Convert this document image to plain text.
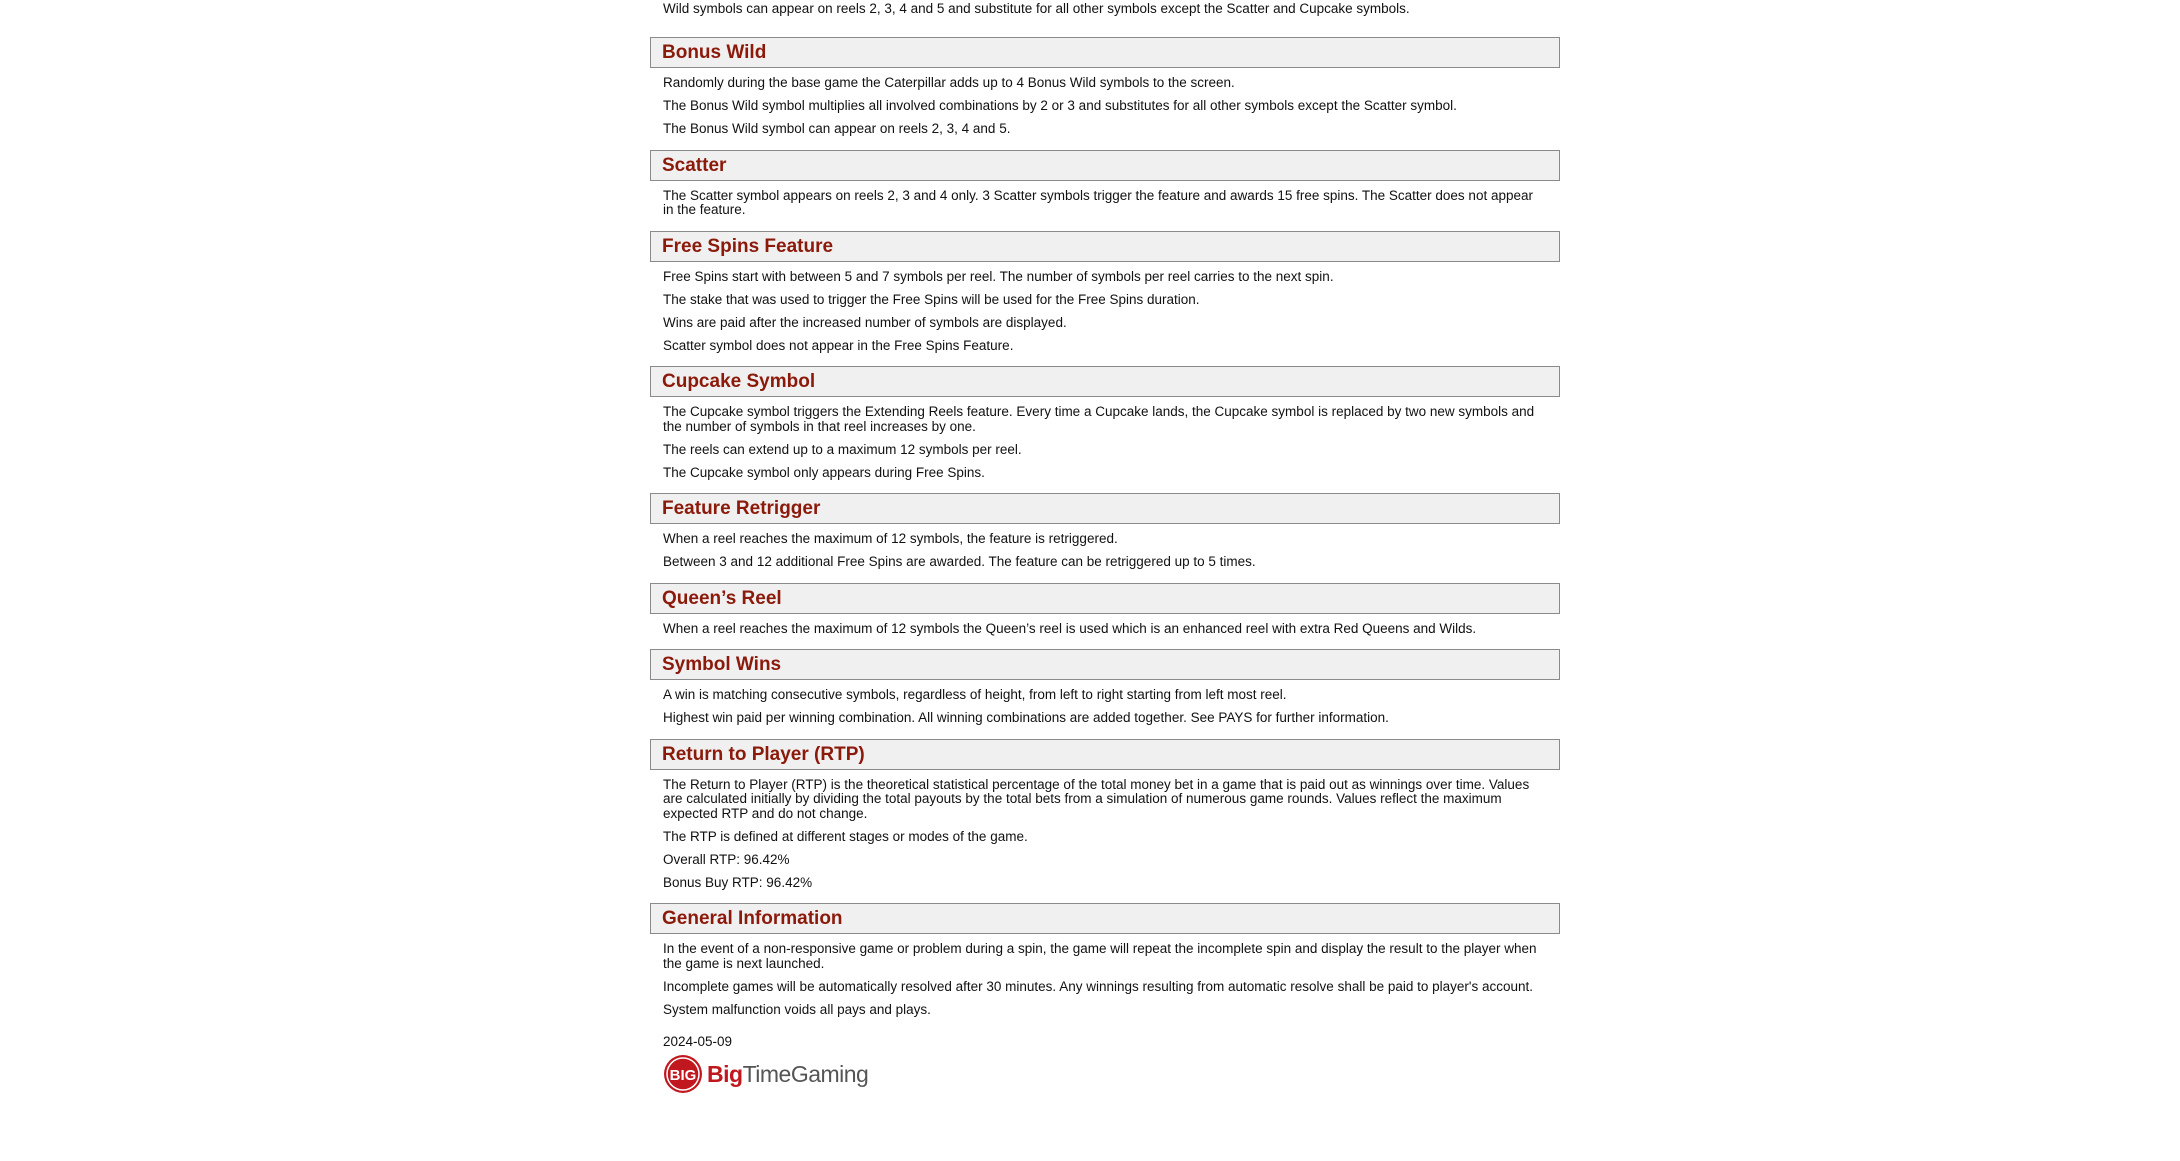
Wild symbols can appear on reels 2, 3, 4 and 5 and substitute for all other symbols except the Scatter and Cupcake symbols.
Bonus Wild
Randomly during the base game the Caterpillar adds up to 4 Bonus Wild symbols to the screen.
The Bonus Wild symbol multiplies all involved combinations by 2 or 3 and substitutes for all other symbols except the Scatter symbol.
The Bonus Wild symbol can appear on reels 2, 3, 4 and 5.
Scatter
The Scatter symbol appears on reels 2, 3 and 4 only. 3 Scatter symbols trigger the feature and awards 15 free spins. The Scatter does not appear in the feature.
Free Spins Feature
Free Spins start with between 5 and 7 symbols per reel. The number of symbols per reel carries to the next spin.
The stake that was used to trigger the Free Spins will be used for the Free Spins duration.
Wins are paid after the increased number of symbols are displayed.
Scatter symbol does not appear in the Free Spins Feature.
Cupcake Symbol
The Cupcake symbol triggers the Extending Reels feature. Every time a Cupcake lands, the Cupcake symbol is replaced by two new symbols and the number of symbols in that reel increases by one.
The reels can extend up to a maximum 12 symbols per reel.
The Cupcake symbol only appears during Free Spins.
Feature Retrigger
When a reel reaches the maximum of 12 symbols, the feature is retriggered.
Between 3 and 12 additional Free Spins are awarded. The feature can be retriggered up to 5 times.
Queen’s Reel
When a reel reaches the maximum of 12 symbols the Queen’s reel is used which is an enhanced reel with extra Red Queens and Wilds.
Symbol Wins
A win is matching consecutive symbols, regardless of height, from left to right starting from left most reel.
Highest win paid per winning combination. All winning combinations are added together. See PAYS for further information.
Return to Player (RTP)
The Return to Player (RTP) is the theoretical statistical percentage of the total money bet in a game that is paid out as winnings over time. Values are calculated initially by dividing the total payouts by the total bets from a simulation of numerous game rounds. Values reflect the maximum expected RTP and do not change.
The RTP is defined at different stages or modes of the game.
Overall RTP: 96.42%
Bonus Buy RTP: 96.42%
General Information
In the event of a non-responsive game or problem during a spin, the game will repeat the incomplete spin and display the result to the player when the game is next launched.
Incomplete games will be automatically resolved after 30 minutes. Any winnings resulting from automatic resolve shall be paid to player's account.
System malfunction voids all pays and plays.
2024-05-09
BIG BigTimeGaming
